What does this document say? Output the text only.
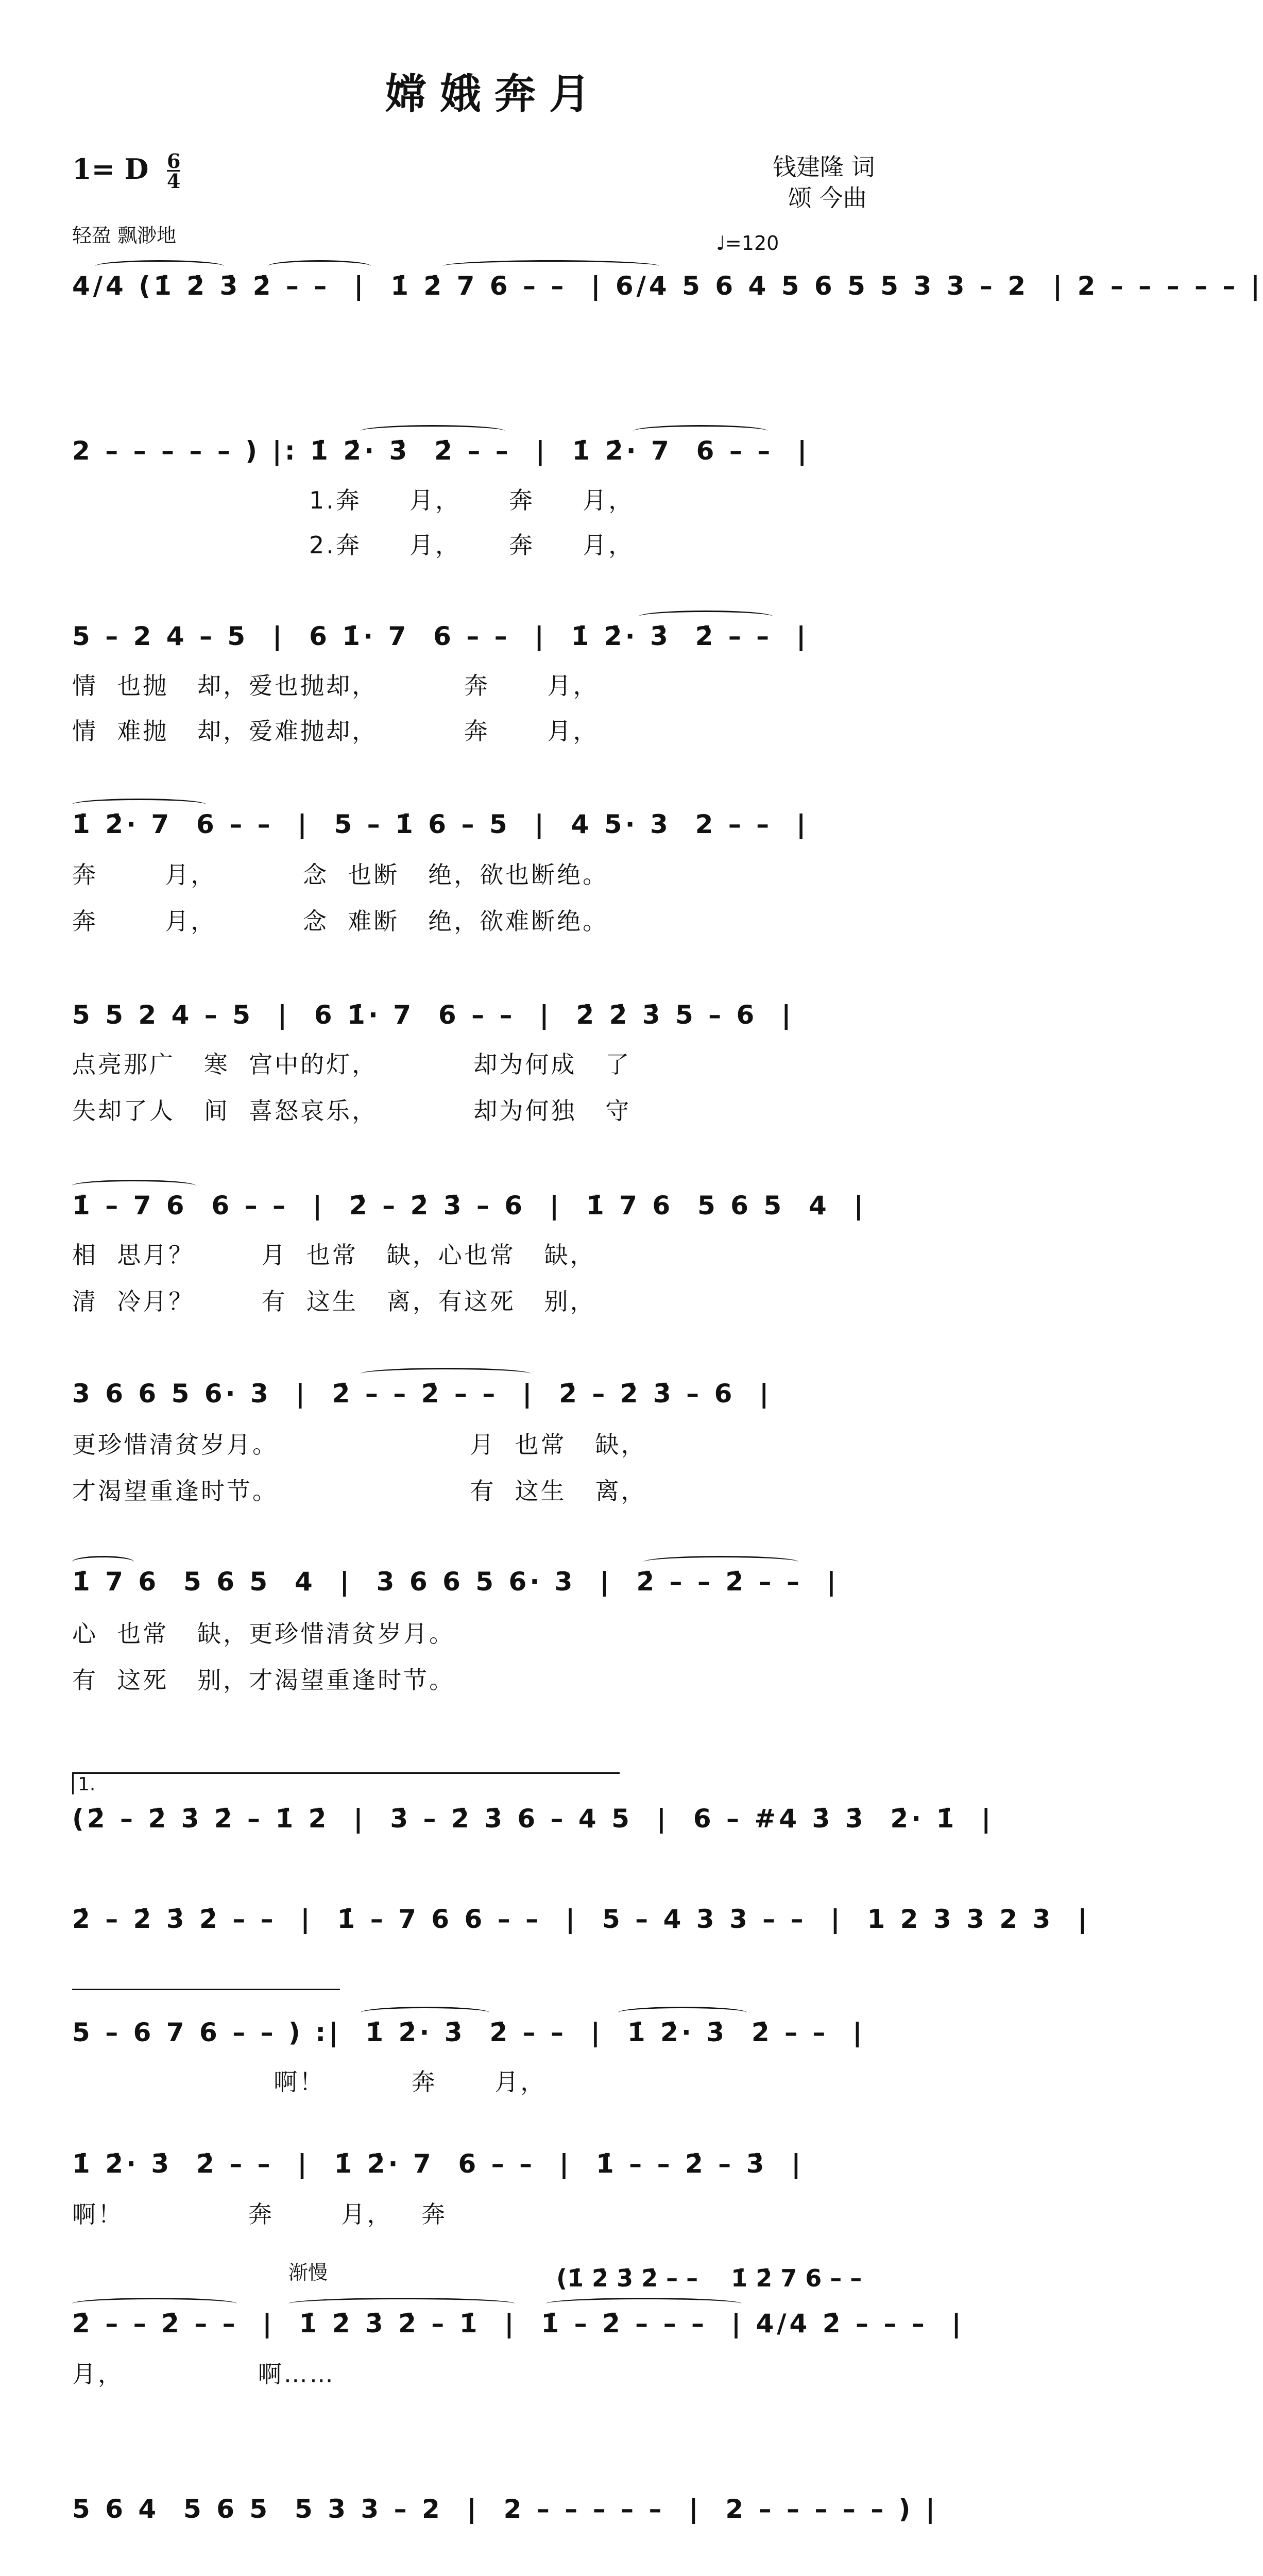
嫦娥奔月
1= D 6
4
钱建隆 词
颂 今曲
轻盈 飘渺地	♩=120
4/4 (1̇ 2̇ 3̇ 2̇ – –  |  1̇ 2̇ 7 6 – –  | 6/4 5 6 4 5 6 5 5 3 3 – 2  | 2 – – – – – |
2 – – – – – ) |: 1̇ 2̇· 3̇  2̇ – –  |  1̇ 2̇· 7  6 – –  |
1.奔     月，     奔     月，
2.奔     月，     奔     月，
5 – 2 4 – 5  |  6 1̇· 7  6 – –  |  1̇ 2̇· 3̇  2̇ – –  |
情  也抛   却，爱也抛却，         奔      月，
情  难抛   却，爱难抛却，         奔      月，
1̇ 2̇· 7  6 – –  |  5 – 1̇ 6 – 5  |  4 5· 3  2 – –  |
奔       月，         念  也断   绝，欲也断绝。
奔       月，         念  难断   绝，欲难断绝。
5 5 2 4 – 5  |  6 1̇· 7  6 – –  |  2̇ 2̇ 3̇ 5 – 6  |
点亮那广   寒  宫中的灯，          却为何成   了
失却了人   间  喜怒哀乐，          却为何独   守
1̇ – 7 6  6 – –  |  2̇ – 2̇ 3̇ – 6  |  1̇ 7 6  5 6 5  4  |
相  思月？       月  也常   缺，心也常   缺，
清  冷月？       有  这生   离，有这死   别，
3 6 6 5 6· 3  |  2̇ – – 2̇ – –  |  2̇ – 2̇ 3̇ – 6  |
更珍惜清贫岁月。                    月  也常   缺，
才渴望重逢时节。                    有  这生   离，
1̇ 7 6  5 6 5  4  |  3 6 6 5 6· 3  |  2̇ – – 2̇ – –  |
心  也常   缺，更珍惜清贫岁月。
有  这死   别，才渴望重逢时节。
1.
(2̇ – 2̇ 3̇ 2̇ – 1̇ 2̇  |  3̇ – 2̇ 3̇ 6 – 4 5  |  6 – #4 3̇ 3̇  2̇· 1̇  |
2̇ – 2̇ 3̇ 2̇ – –  |  1̇ – 7 6 6 – –  |  5 – 4 3 3 – –  |  1 2 3 3 2 3  |
5 – 6 7 6 – – ) :|  1̇ 2̇· 3̇  2̇ – –  |  1̇ 2̇· 3̇  2̇ – –  |
啊！         奔      月，
1̇ 2̇· 3̇  2̇ – –  |  1̇ 2̇· 7  6 – –  |  1̇ – – 2̇ – 3̇  |
啊！             奔       月，   奔
渐慢	(1̇ 2̇ 3̇ 2̇ – –    1̇ 2̇ 7 6 – –
2̇ – – 2̇ – –  |  1̇ 2̇ 3̇ 2̇ – 1̇  |  1̇ – 2̇ – – –  | 4/4 2̇ – – –  |
月，              啊……
5 6 4  5 6 5  5 3 3 – 2  |  2 – – – – –  |  2 – – – – – ) |
